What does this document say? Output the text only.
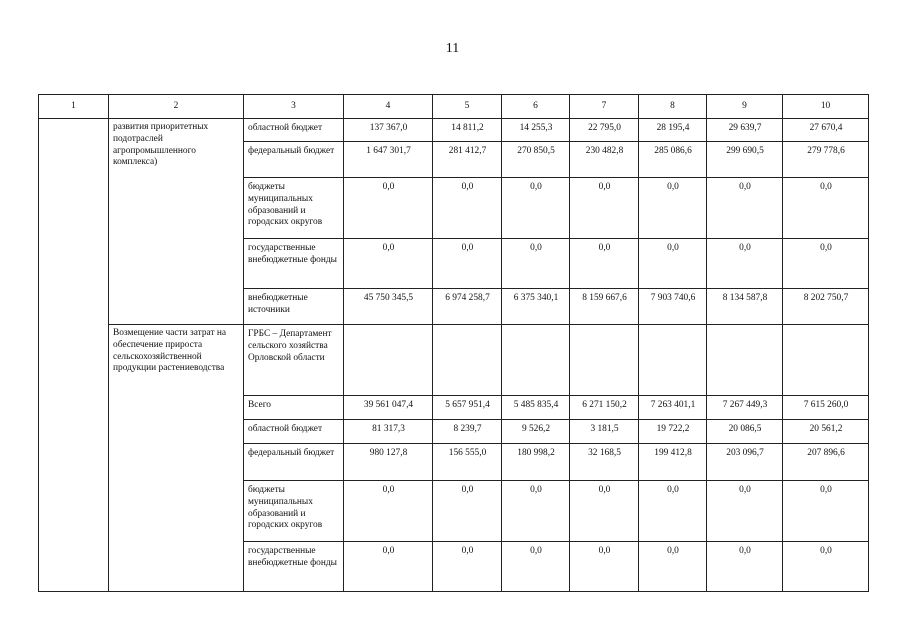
11
1	2	3	4	5	6	7	8	9	10
	развития приоритетных подотраслей агропромышленного комплекса)	областной бюджет	137 367,0	14 811,2	14 255,3	22 795,0	28 195,4	29 639,7	27 670,4
		федеральный бюджет	1 647 301,7	281 412,7	270 850,5	230 482,8	285 086,6	299 690,5	279 778,6
		бюджеты муниципальных образований и городских округов	0,0	0,0	0,0	0,0	0,0	0,0	0,0
		государственные внебюджетные фонды	0,0	0,0	0,0	0,0	0,0	0,0	0,0
		внебюджетные источники	45 750 345,5	6 974 258,7	6 375 340,1	8 159 667,6	7 903 740,6	8 134 587,8	8 202 750,7
	Возмещение части затрат на обеспечение прироста сельскохозяйственной продукции растениеводства	ГРБС – Департамент сельского хозяйства Орловской области							
		Всего	39 561 047,4	5 657 951,4	5 485 835,4	6 271 150,2	7 263 401,1	7 267 449,3	7 615 260,0
		областной бюджет	81 317,3	8 239,7	9 526,2	3 181,5	19 722,2	20 086,5	20 561,2
		федеральный бюджет	980 127,8	156 555,0	180 998,2	32 168,5	199 412,8	203 096,7	207 896,6
		бюджеты муниципальных образований и городских округов	0,0	0,0	0,0	0,0	0,0	0,0	0,0
		государственные внебюджетные фонды	0,0	0,0	0,0	0,0	0,0	0,0	0,0
